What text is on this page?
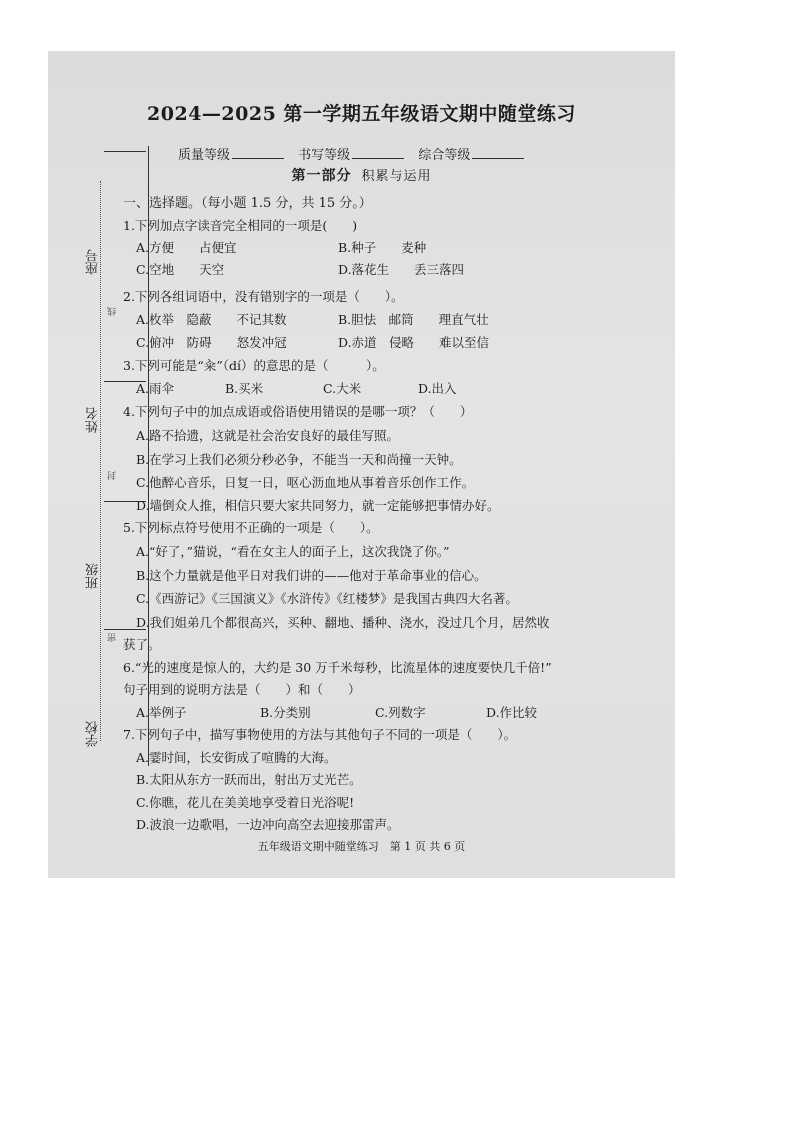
座号
线
姓名
封
班级
密
学校
2024—2025 第一学期五年级语文期中随堂练习
质量等级	书写等级	综合等级
第一部分 积累与运用
一、选择题。（每小题 1.5 分，共 15 分。）
1.下列加点字读音完全相同的一项是(　　)
A.方便　　占便宜	B.种子　　麦种
C.空地　　天空	D.落花生　　丢三落四
2.下列各组词语中，没有错别字的一项是（　　）。
A.枚举　隐蔽　　不记其数	B.胆怯　邮筒　　理直气壮
C.俯冲　防碍　　怒发冲冠	D.赤道　侵略　　难以至信
3.下列可能是“籴”（dí）的意思的是（　　　）。
A.雨伞	B.买米	C.大米	D.出入
4.下列句子中的加点成语或俗语使用错误的是哪一项？（　　）
A.路不拾遗，这就是社会治安良好的最佳写照。
B.在学习上我们必须分秒必争，不能当一天和尚撞一天钟。
C.他醉心音乐，日复一日，呕心沥血地从事着音乐创作工作。
D.墙倒众人推，相信只要大家共同努力，就一定能够把事情办好。
5.下列标点符号使用不正确的一项是（　　）。
A.“好了，”猫说，“看在女主人的面子上，这次我饶了你。”
B.这个力量就是他平日对我们讲的——他对于革命事业的信心。
C.《西游记》《三国演义》《水浒传》《红楼梦》是我国古典四大名著。
D.我们姐弟几个都很高兴，买种、翻地、播种、浇水，没过几个月，居然收
获了。
6.“光的速度是惊人的，大约是 30 万千米每秒，比流星体的速度要快几千倍!”
句子用到的说明方法是（　　）和（　　）
A.举例子	B.分类别	C.列数字	D.作比较
7.下列句子中，描写事物使用的方法与其他句子不同的一项是（　　）。
A.霎时间，长安街成了喧腾的大海。
B.太阳从东方一跃而出，射出万丈光芒。
C.你瞧，花儿在美美地享受着日光浴呢!
D.波浪一边歌唱，一边冲向高空去迎接那雷声。
五年级语文期中随堂练习　第 1 页 共 6 页
